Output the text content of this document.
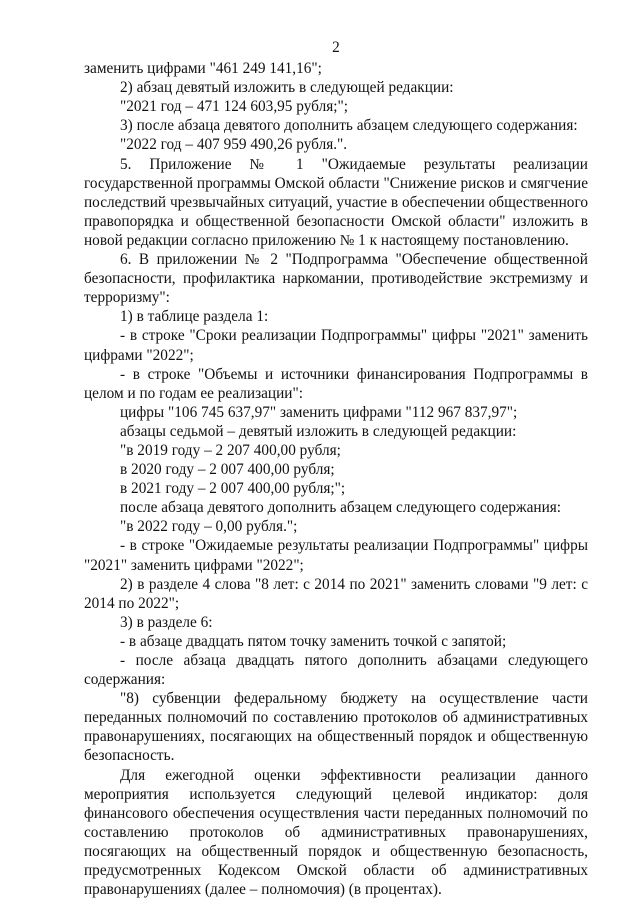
2

заменить цифрами "461 249 141,16";

2) абзац девятый изложить в следующей редакции:

"2021 год – 471 124 603,95 рубля;";

3) после абзаца девятого дополнить абзацем следующего содержания:

"2022 год – 407 959 490,26 рубля.".

5. Приложение № 1 "Ожидаемые результаты реализации государственной программы Омской области "Снижение рисков и смягчение последствий чрезвычайных ситуаций, участие в обеспечении общественного правопорядка и общественной безопасности Омской области" изложить в новой редакции согласно приложению № 1 к настоящему постановлению.

6. В приложении № 2 "Подпрограмма "Обеспечение общественной безопасности, профилактика наркомании, противодействие экстремизму и терроризму":

1) в таблице раздела 1:

- в строке "Сроки реализации Подпрограммы" цифры "2021" заменить цифрами "2022";

- в строке "Объемы и источники финансирования Подпрограммы в целом и по годам ее реализации":

цифры "106 745 637,97" заменить цифрами "112 967 837,97";

абзацы седьмой – девятый изложить в следующей редакции:

"в 2019 году – 2 207 400,00 рубля;

в 2020 году – 2 007 400,00 рубля;

в 2021 году – 2 007 400,00 рубля;";

после абзаца девятого дополнить абзацем следующего содержания:

"в 2022 году – 0,00 рубля.";

- в строке "Ожидаемые результаты реализации Подпрограммы" цифры "2021" заменить цифрами "2022";

2) в разделе 4 слова "8 лет: с 2014 по 2021" заменить словами "9 лет: с 2014 по 2022";

3) в разделе 6:

- в абзаце двадцать пятом точку заменить точкой с запятой;

- после абзаца двадцать пятого дополнить абзацами следующего содержания:

"8) субвенции федеральному бюджету на осуществление части переданных полномочий по составлению протоколов об административных правонарушениях, посягающих на общественный порядок и общественную безопасность.

Для ежегодной оценки эффективности реализации данного мероприятия используется следующий целевой индикатор: доля финансового обеспечения осуществления части переданных полномочий по составлению протоколов об административных правонарушениях, посягающих на общественный порядок и общественную безопасность, предусмотренных Кодексом Омской области об административных правонарушениях (далее – полномочия) (в процентах).
